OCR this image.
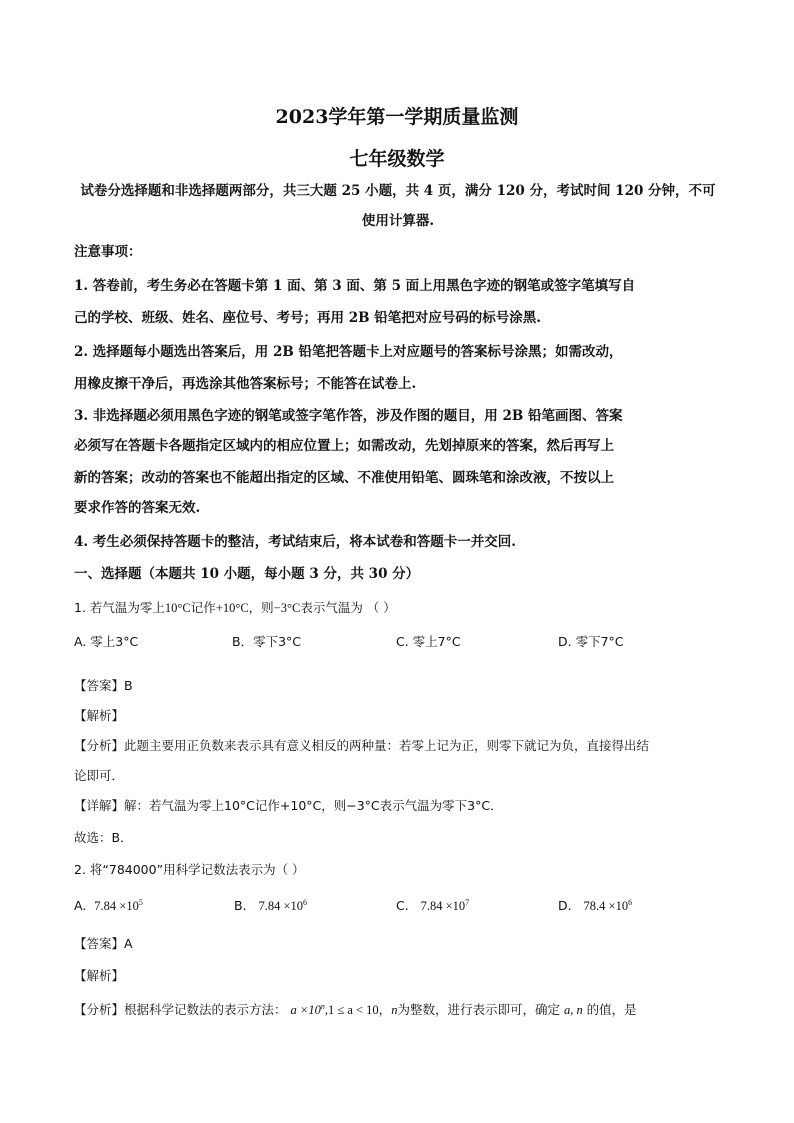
2023学年第一学期质量监测
七年级数学
试卷分选择题和非选择题两部分，共三大题 25 小题，共 4 页，满分 120 分，考试时间 120 分钟，不可使用计算器.
注意事项：
1. 答卷前，考生务必在答题卡第 1 面、第 3 面、第 5 面上用黑色字迹的钢笔或签字笔填写自
己的学校、班级、姓名、座位号、考号；再用 2B 铅笔把对应号码的标号涂黑.
2. 选择题每小题选出答案后，用 2B 铅笔把答题卡上对应题号的答案标号涂黑；如需改动，
用橡皮擦干净后，再选涂其他答案标号；不能答在试卷上.
3. 非选择题必须用黑色字迹的钢笔或签字笔作答，涉及作图的题目，用 2B 铅笔画图、答案
必须写在答题卡各题指定区域内的相应位置上；如需改动，先划掉原来的答案，然后再写上
新的答案；改动的答案也不能超出指定的区域、不准使用铅笔、圆珠笔和涂改液，不按以上
要求作答的答案无效.
4. 考生必须保持答题卡的整洁，考试结束后，将本试卷和答题卡一并交回.
一、选择题（本题共 10 小题，每小题 3 分，共 30 分）
1. 若气温为零上10°C记作+10°C，则−3°C表示气温为 （ ）
A. 零上3°C	B．零下3°C	C. 零上7°C	D. 零下7°C
【答案】B
【解析】
【分析】此题主要用正负数来表示具有意义相反的两种量：若零上记为正，则零下就记为负，直接得出结
论即可．
【详解】解：若气温为零上10°C记作+10°C，则−3°C表示气温为零下3°C．
故选：B．
2. 将“784000”用科学记数法表示为（ ）
A. $7.84 \times 10^5$	B. $7.84 \times 10^6$	C. $7.84 \times 10^7$	D. $78.4 \times 10^6$
【答案】A
【解析】
【分析】根据科学记数法的表示方法： $a \times 10^n,1 \le a < 10$，n为整数，进行表示即可，确定 a, n 的值，是
